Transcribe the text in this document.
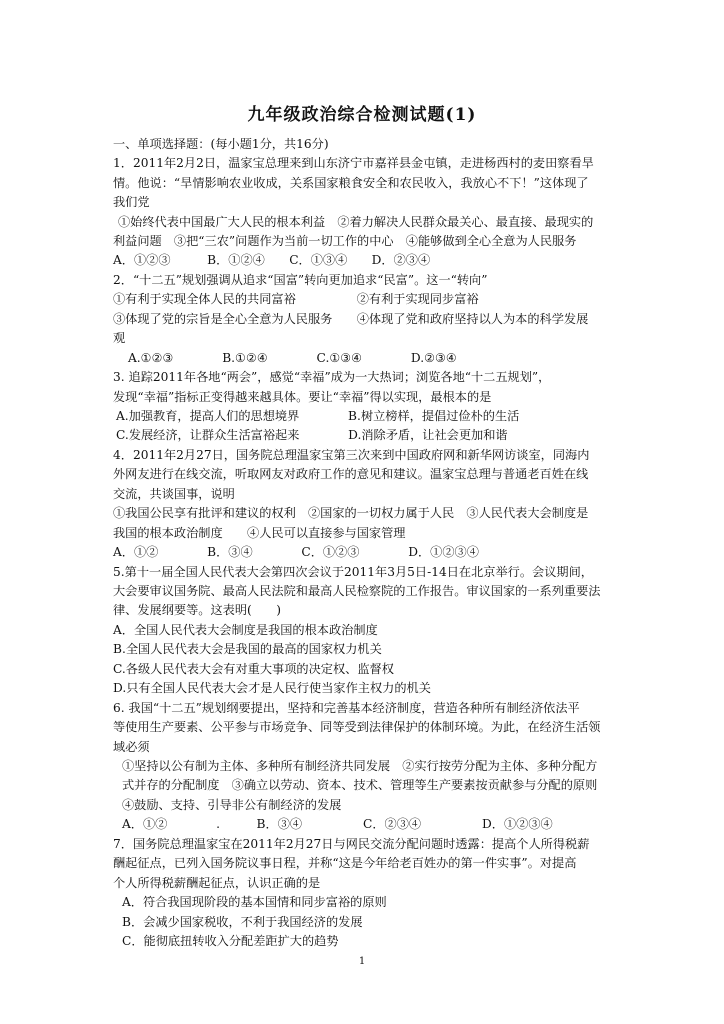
九年级政治综合检测试题(1)
一、单项选择题：(每小题1分，共16分)
1．2011年2月2日，温家宝总理来到山东济宁市嘉祥县金屯镇，走进杨西村的麦田察看旱
情。他说：“旱情影响农业收成，关系国家粮食安全和农民收入，我放心不下！”这体现了
我们党
①始终代表中国最广大人民的根本利益　②着力解决人民群众最关心、最直接、最现实的
利益问题　③把“三农”问题作为当前一切工作的中心　④能够做到全心全意为人民服务
A．①②③　　　B．①②④　　C．①③④　　D．②③④
2．“十二五”规划强调从追求“国富”转向更加追求“民富”。这一“转向”
①有利于实现全体人民的共同富裕　　　　　②有利于实现同步富裕
③体现了党的宗旨是全心全意为人民服务　　④体现了党和政府坚持以人为本的科学发展
观
A.①②③　　　　B.①②④　　　　C.①③④　　　　D.②③④
3. 追踪2011年各地“两会”，感觉“幸福”成为一大热词；浏览各地“十二五规划”，
发现“幸福”指标正变得越来越具体。要让“幸福”得以实现，最根本的是
A.加强教育，提高人们的思想境界　　　　B.树立榜样，提倡过俭朴的生活
C.发展经济，让群众生活富裕起来　　　　D.消除矛盾，让社会更加和谐
4．2011年2月27日，国务院总理温家宝第三次来到中国政府网和新华网访谈室，同海内
外网友进行在线交流，听取网友对政府工作的意见和建议。温家宝总理与普通老百姓在线
交流，共谈国事，说明
①我国公民享有批评和建议的权利　②国家的一切权力属于人民　③人民代表大会制度是
我国的根本政治制度　　④人民可以直接参与国家管理
A．①②　　　　B．③④　　　　C．①②③　　　　D．①②③④
5.第十一届全国人民代表大会第四次会议于2011年3月5日-14日在北京举行。会议期间，
大会要审议国务院、最高人民法院和最高人民检察院的工作报告。审议国家的一系列重要法
律、发展纲要等。这表明(　　)
A．全国人民代表大会制度是我国的根本政治制度
B.全国人民代表大会是我国的最高的国家权力机关
C.各级人民代表大会有对重大事项的决定权、监督权
D.只有全国人民代表大会才是人民行使当家作主权力的机关
6. 我国“十二五”规划纲要提出，坚持和完善基本经济制度，营造各种所有制经济依法平
等使用生产要素、公平参与市场竞争、同等受到法律保护的体制环境。为此，在经济生活领
域必须
①坚持以公有制为主体、多种所有制经济共同发展　②实行按劳分配为主体、多种分配方
式并存的分配制度　③确立以劳动、资本、技术、管理等生产要素按贡献参与分配的原则
④鼓励、支持、引导非公有制经济的发展
A．①②　　　　.　　　B．③④　　　　　C．②③④　　　　　D．①②③④
7．国务院总理温家宝在2011年2月27日与网民交流分配问题时透露：提高个人所得税薪
酬起征点，已列入国务院议事日程，并称“这是今年给老百姓办的第一件实事”。对提高
个人所得税薪酬起征点，认识正确的是
A．符合我国现阶段的基本国情和同步富裕的原则
B．会减少国家税收，不利于我国经济的发展
C．能彻底扭转收入分配差距扩大的趋势
1
